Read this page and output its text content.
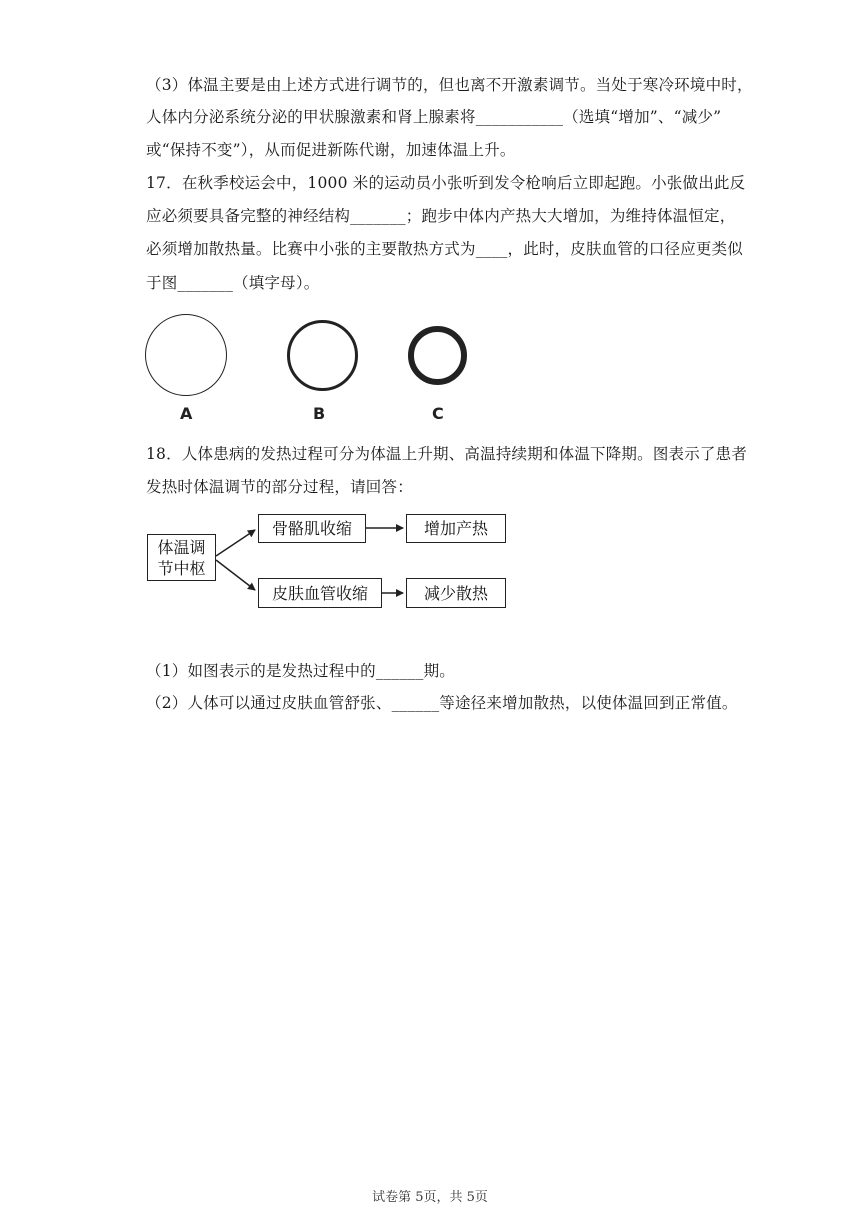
（3）体温主要是由上述方式进行调节的，但也离不开激素调节。当处于寒冷环境中时，
人体内分泌系统分泌的甲状腺激素和肾上腺素将___________（选填“增加”、“减少”
或“保持不变”），从而促进新陈代谢，加速体温上升。
17．在秋季校运会中，1000 米的运动员小张听到发令枪响后立即起跑。小张做出此反
应必须要具备完整的神经结构_______；跑步中体内产热大大增加，为维持体温恒定，
必须增加散热量。比赛中小张的主要散热方式为____，此时，皮肤血管的口径应更类似
于图_______（填字母）。
A	B	C
18．人体患病的发热过程可分为体温上升期、高温持续期和体温下降期。图表示了患者
发热时体温调节的部分过程，请回答：
体温调
节中枢
骨骼肌收缩	增加产热
皮肤血管收缩	减少散热
（1）如图表示的是发热过程中的______期。
（2）人体可以通过皮肤血管舒张、______等途径来增加散热，以使体温回到正常值。
试卷第 5页，共 5页
